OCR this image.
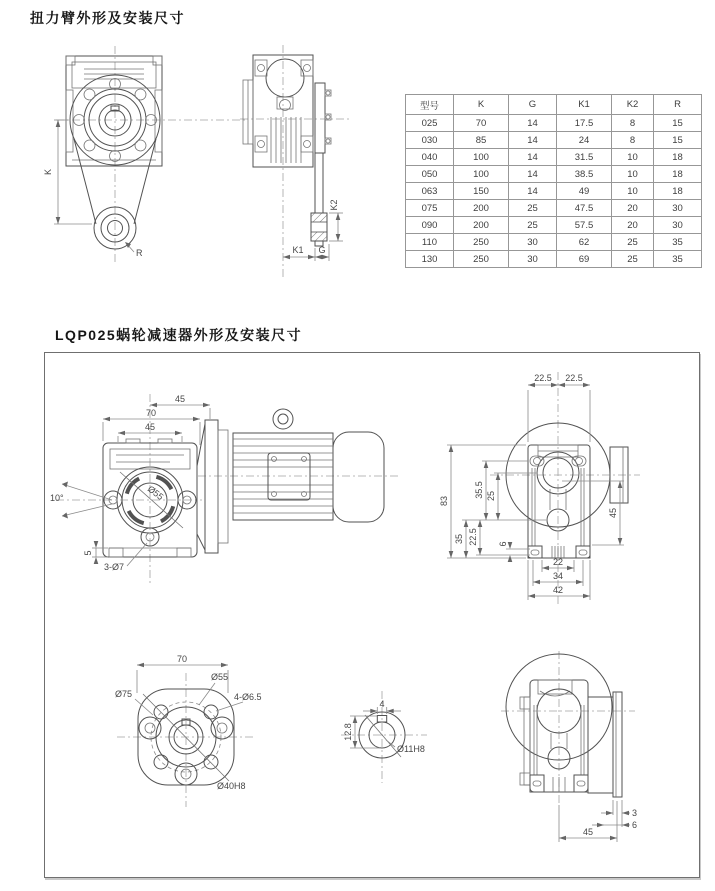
扭力臂外形及安装尺寸
K
R
K2
K1 G
型号	K	G	K1	K2	R
025	70	14	17.5	8	15
030	85	14	24	8	15
040	100	14	31.5	10	18
050	100	14	38.5	10	18
063	150	14	49	10	18
075	200	25	47.5	20	30
090	200	25	57.5	20	30
110	250	30	62	25	35
130	250	30	69	25	35
LQP025蜗轮减速器外形及安装尺寸
45
70
45
Ø55
10°
5
3-Ø7
22.5 22.5
83
35.5 25
35 22.5 6
45
22
34
42
70
Ø75
Ø55
4-Ø6.5
Ø40H8
4
12.8
Ø11H8
3
6
45
